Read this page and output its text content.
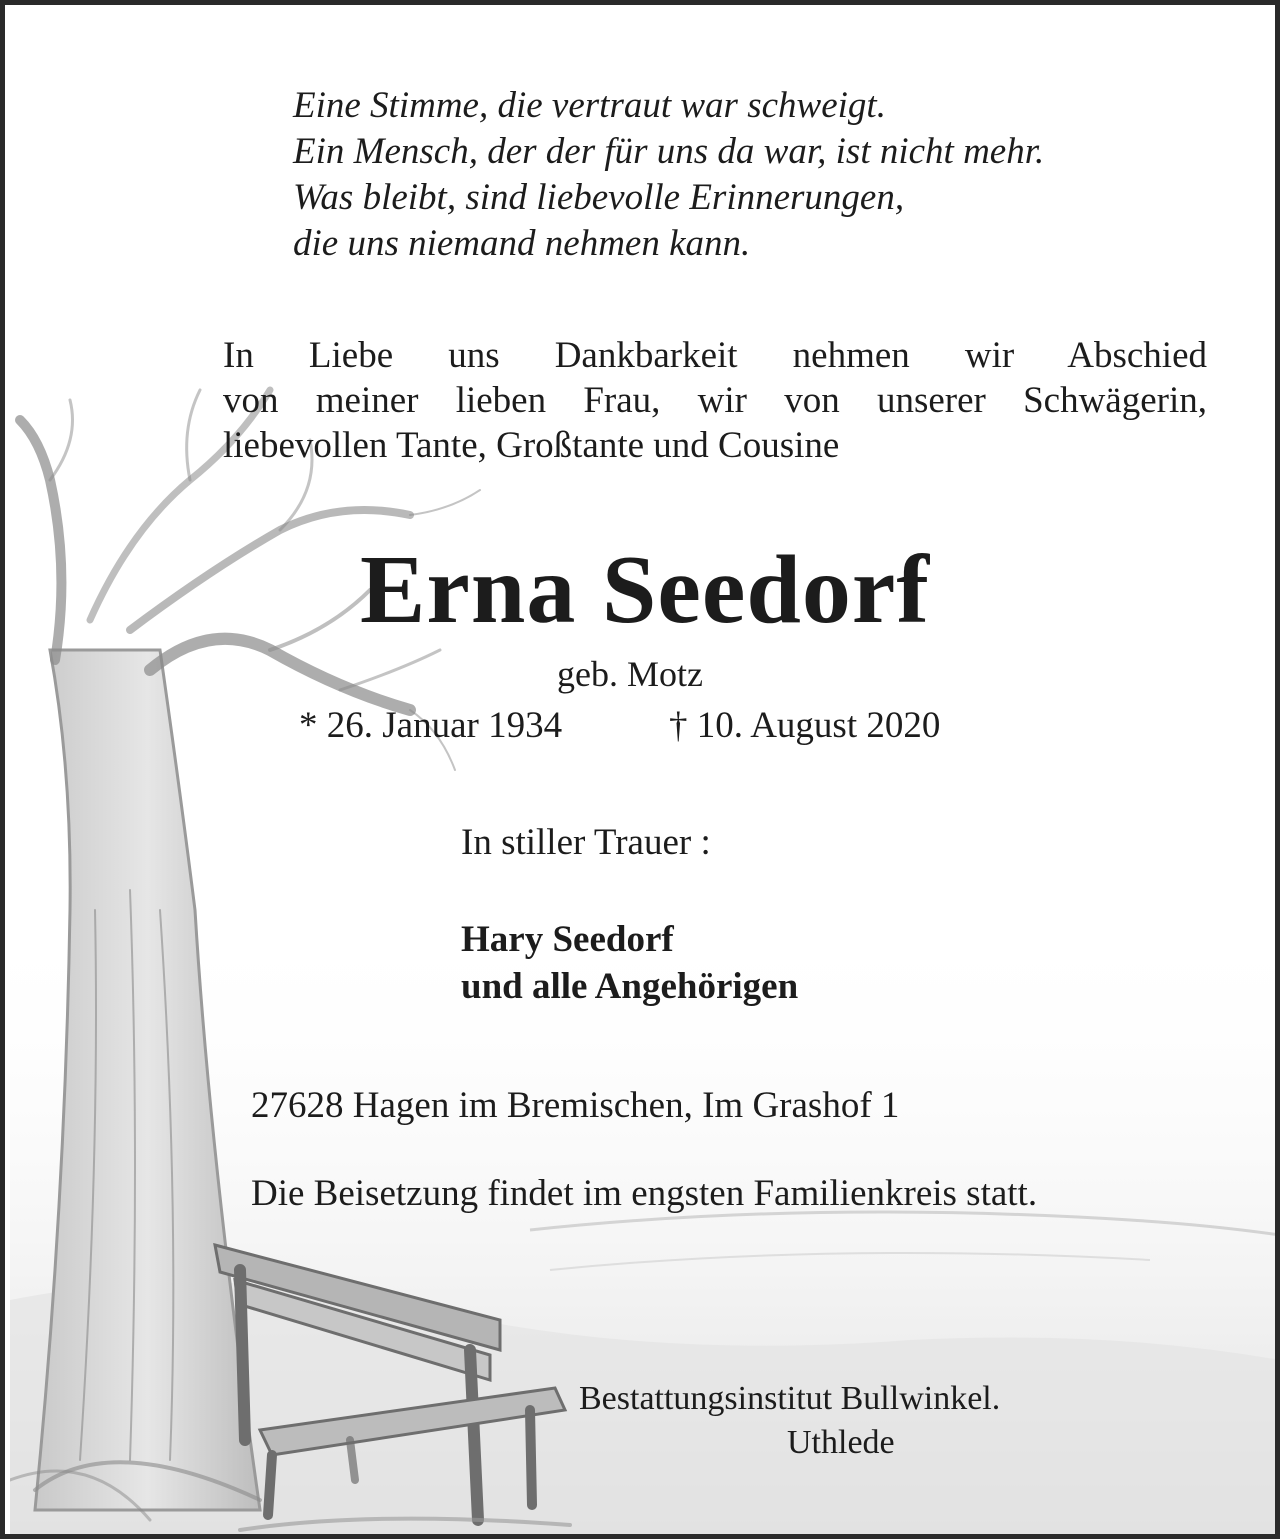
Eine Stimme, die vertraut war schweigt.
Ein Mensch, der der für uns da war, ist nicht mehr.
Was bleibt, sind liebevolle Erinnerungen,
die uns niemand nehmen kann.
In Liebe uns Dankbarkeit nehmen wir Abschied
von meiner lieben Frau, wir von unserer Schwägerin,
liebevollen Tante, Großtante und Cousine
Erna Seedorf
geb. Motz
* 26. Januar 1934	† 10. August 2020
In stiller Trauer :
Hary Seedorf
und alle Angehörigen
27628 Hagen im Bremischen, Im Grashof 1
Die Beisetzung findet im engsten Familienkreis statt.
Bestattungsinstitut Bullwinkel.
Uthlede
